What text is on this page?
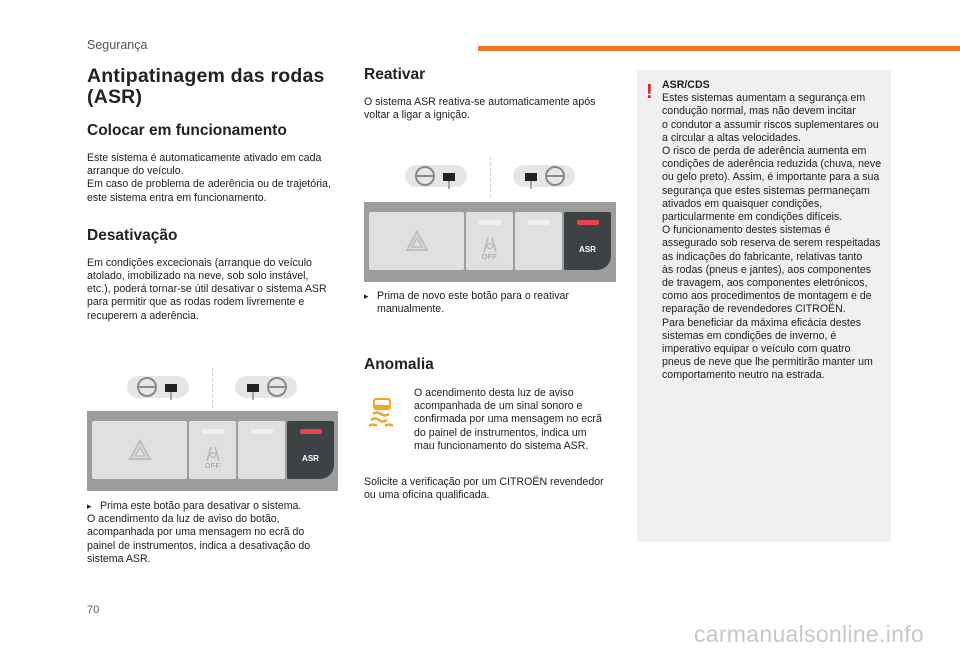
Segurança
Antipatinagem das rodas
(ASR)
Colocar em funcionamento

Este sistema é automaticamente ativado em cada
arranque do veículo.
Em caso de problema de aderência ou de trajetória,
este sistema entra em funcionamento.

Desativação

Em condições excecionais (arranque do veículo
atolado, imobilizado na neve, sob solo instável,
etc.), poderá tornar-se útil desativar o sistema ASR
para permitir que as rodas rodem livremente e
recuperem a aderência.

OFF
ASR

▸ Prima este botão para desativar o sistema.

O acendimento da luz de aviso do botão,
acompanhada por uma mensagem no ecrã do
painel de instrumentos, indica a desativação do
sistema ASR.

Reativar

O sistema ASR reativa-se automaticamente após
voltar a ligar a ignição.

OFF
ASR

▸ Prima de novo este botão para o reativar
manualmente.

Anomalia

O acendimento desta luz de aviso
acompanhada de um sinal sonoro e
confirmada por uma mensagem no ecrã
do painel de instrumentos, indica um
mau funcionamento do sistema ASR.

Solicite a verificação por um CITROËN revendedor
ou uma oficina qualificada.

! ASR/CDS
Estes sistemas aumentam a segurança em
condução normal, mas não devem incitar
o condutor a assumir riscos suplementares ou
a circular a altas velocidades.
O risco de perda de aderência aumenta em
condições de aderência reduzida (chuva, neve
ou gelo preto). Assim, é importante para a sua
segurança que estes sistemas permaneçam
ativados em quaisquer condições,
particularmente em condições difíceis.
O funcionamento destes sistemas é
assegurado sob reserva de serem respeitadas
as indicações do fabricante, relativas tanto
às rodas (pneus e jantes), aos componentes
de travagem, aos componentes eletrónicos,
como aos procedimentos de montagem e de
reparação de revendedores CITROËN.
Para beneficiar da máxima eficácia destes
sistemas em condições de inverno, é
imperativo equipar o veículo com quatro
pneus de neve que lhe permitirão manter um
comportamento neutro na estrada.
70
carmanualsonline.info
